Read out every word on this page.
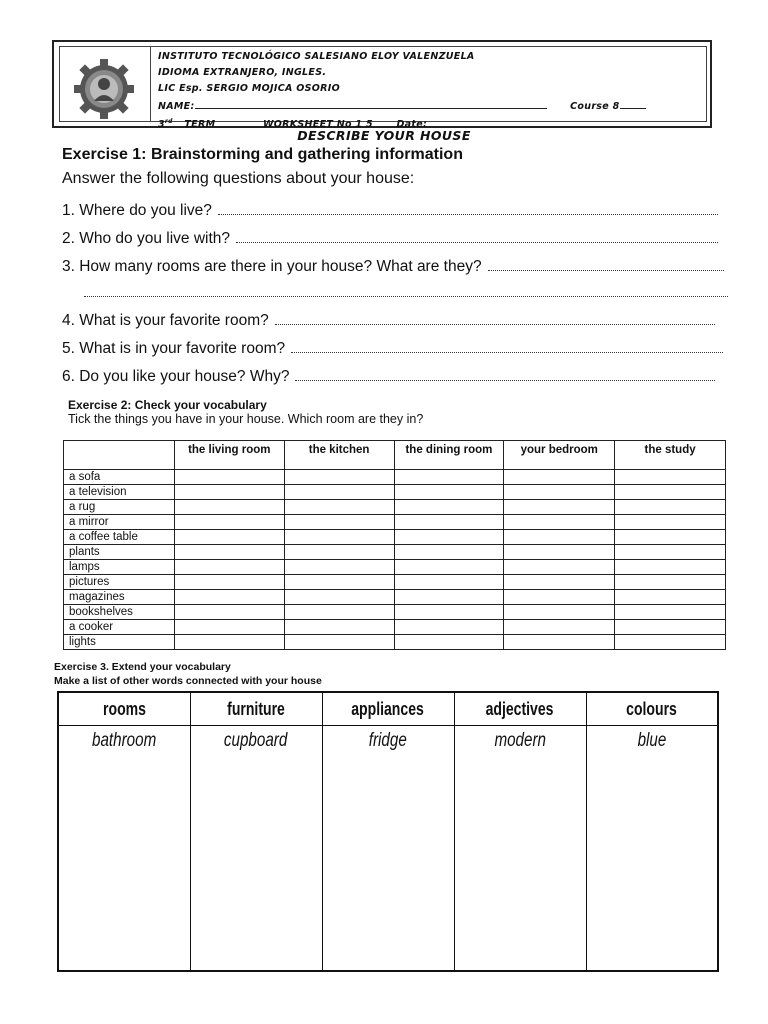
INSTITUTO TECNOLÓGICO SALESIANO ELOY VALENZUELA
IDIOMA EXTRANJERO, INGLES.
LIC Esp. SERGIO MOJICA OSORIO
NAME:	Course 8
3rd TERM	WORKSHEET No 1 5 Date:
DESCRIBE YOUR HOUSE
Exercise 1: Brainstorming and gathering information
Answer the following questions about your house:
1. Where do you live?
2. Who do you live with?
3. How many rooms are there in your house? What are they?
4. What is your favorite room?
5. What is in your favorite room?
6. Do you like your house? Why?
Exercise 2: Check your vocabulary
Tick the things you have in your house. Which room are they in?
	the living room	the kitchen	the dining room	your bedroom	the study
a sofa					
a television					
a rug					
a mirror					
a coffee table					
plants					
lamps					
pictures					
magazines					
bookshelves					
a cooker					
lights					
Exercise 3. Extend your vocabulary
Make a list of other words connected with your house
rooms	furniture	appliances	adjectives	colours
bathroom	cupboard	fridge	modern	blue
